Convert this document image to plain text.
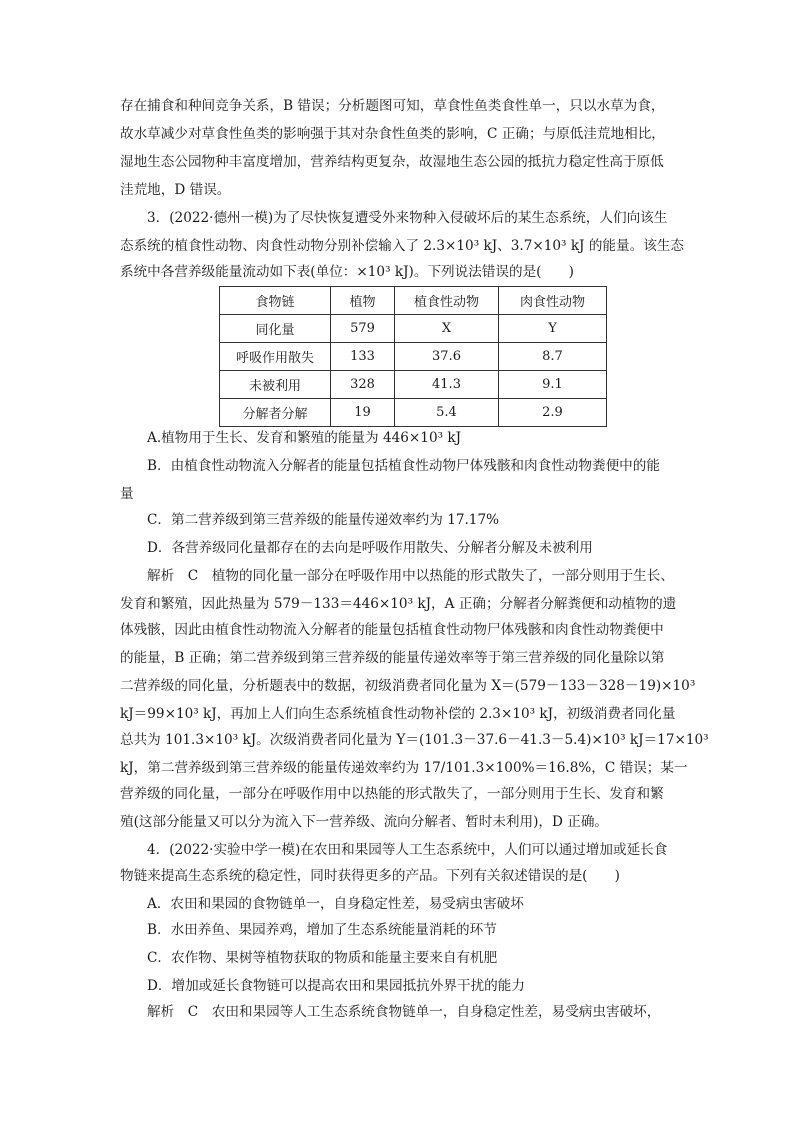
存在捕食和种间竞争关系，B 错误；分析题图可知，草食性鱼类食性单一，只以水草为食，
故水草减少对草食性鱼类的影响强于其对杂食性鱼类的影响，C 正确；与原低洼荒地相比，
湿地生态公园物种丰富度增加，营养结构更复杂，故湿地生态公园的抵抗力稳定性高于原低
洼荒地，D 错误。
3．(2022·德州一模)为了尽快恢复遭受外来物种入侵破坏后的某生态系统，人们向该生
态系统的植食性动物、肉食性动物分别补偿输入了 2.3×10³ kJ、3.7×10³ kJ 的能量。该生态
系统中各营养级能量流动如下表(单位：×10³ kJ)。下列说法错误的是(　　)
食物链	植物	植食性动物	肉食性动物
同化量	579	X	Y
呼吸作用散失	133	37.6	8.7
未被利用	328	41.3	9.1
分解者分解	19	5.4	2.9
A.植物用于生长、发育和繁殖的能量为 446×10³ kJ
B．由植食性动物流入分解者的能量包括植食性动物尸体残骸和肉食性动物粪便中的能
量
C．第二营养级到第三营养级的能量传递效率约为 17.17%
D．各营养级同化量都存在的去向是呼吸作用散失、分解者分解及未被利用
解析　C　植物的同化量一部分在呼吸作用中以热能的形式散失了，一部分则用于生长、
发育和繁殖，因此热量为 579－133＝446×10³ kJ，A 正确；分解者分解粪便和动植物的遗
体残骸，因此由植食性动物流入分解者的能量包括植食性动物尸体残骸和肉食性动物粪便中
的能量，B 正确；第二营养级到第三营养级的能量传递效率等于第三营养级的同化量除以第
二营养级的同化量，分析题表中的数据，初级消费者同化量为 X＝(579－133－328－19)×10³
kJ＝99×10³ kJ，再加上人们向生态系统植食性动物补偿的 2.3×10³ kJ，初级消费者同化量
总共为 101.3×10³ kJ。次级消费者同化量为 Y＝(101.3－37.6－41.3－5.4)×10³ kJ＝17×10³
kJ，第二营养级到第三营养级的能量传递效率约为 17/101.3×100%＝16.8%，C 错误；某一
营养级的同化量，一部分在呼吸作用中以热能的形式散失了，一部分则用于生长、发育和繁
殖(这部分能量又可以分为流入下一营养级、流向分解者、暂时未利用)，D 正确。
4．(2022·实验中学一模)在农田和果园等人工生态系统中，人们可以通过增加或延长食
物链来提高生态系统的稳定性，同时获得更多的产品。下列有关叙述错误的是(　　)
A．农田和果园的食物链单一，自身稳定性差，易受病虫害破坏
B．水田养鱼、果园养鸡，增加了生态系统能量消耗的环节
C．农作物、果树等植物获取的物质和能量主要来自有机肥
D．增加或延长食物链可以提高农田和果园抵抗外界干扰的能力
解析　C　农田和果园等人工生态系统食物链单一，自身稳定性差，易受病虫害破坏，
